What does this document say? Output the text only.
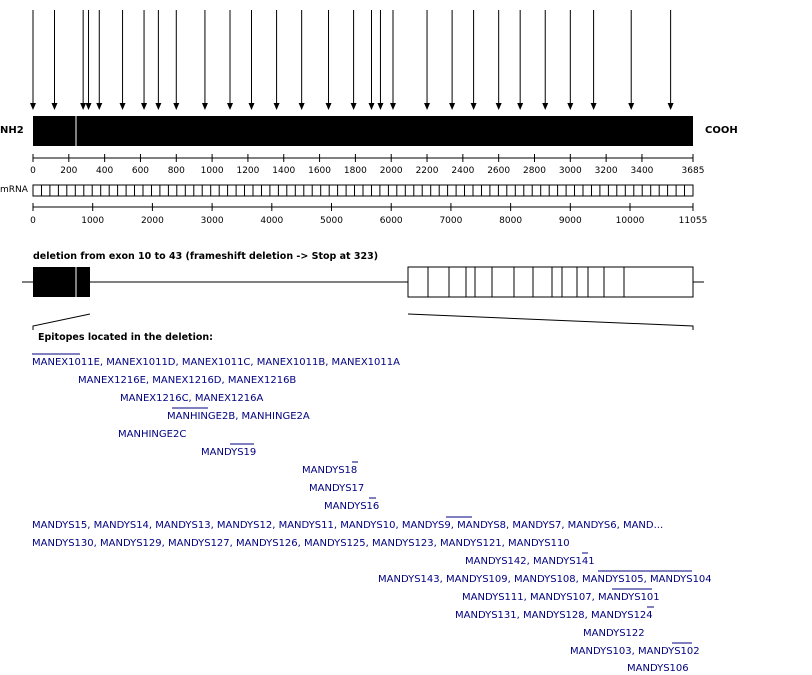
NH2	COOH
0	200	400	600	800	1000 1200 1400 1600 1800 2000 2200 2400 2600 2800 3000 3200 3400	3685
mRNA
0	1000	2000	3000	4000	5000	6000	7000	8000	9000	10000	11055
deletion from exon 10 to 43 (frameshift deletion -> Stop at 323)
Epitopes located in the deletion:
MANEX1011E, MANEX1011D, MANEX1011C, MANEX1011B, MANEX1011A
MANEX1216E, MANEX1216D, MANEX1216B
MANEX1216C, MANEX1216A
MANHINGE2B, MANHINGE2A
MANHINGE2C
MANDYS19
MANDYS18
MANDYS17
MANDYS16
MANDYS15, MANDYS14, MANDYS13, MANDYS12, MANDYS11, MANDYS10, MANDYS9, MANDYS8, MANDYS7, MANDYS6, MAND...
MANDYS130, MANDYS129, MANDYS127, MANDYS126, MANDYS125, MANDYS123, MANDYS121, MANDYS110
MANDYS142, MANDYS141
MANDYS143, MANDYS109, MANDYS108, MANDYS105, MANDYS104
MANDYS111, MANDYS107, MANDYS101
MANDYS131, MANDYS128, MANDYS124
MANDYS122
MANDYS103, MANDYS102
MANDYS106
